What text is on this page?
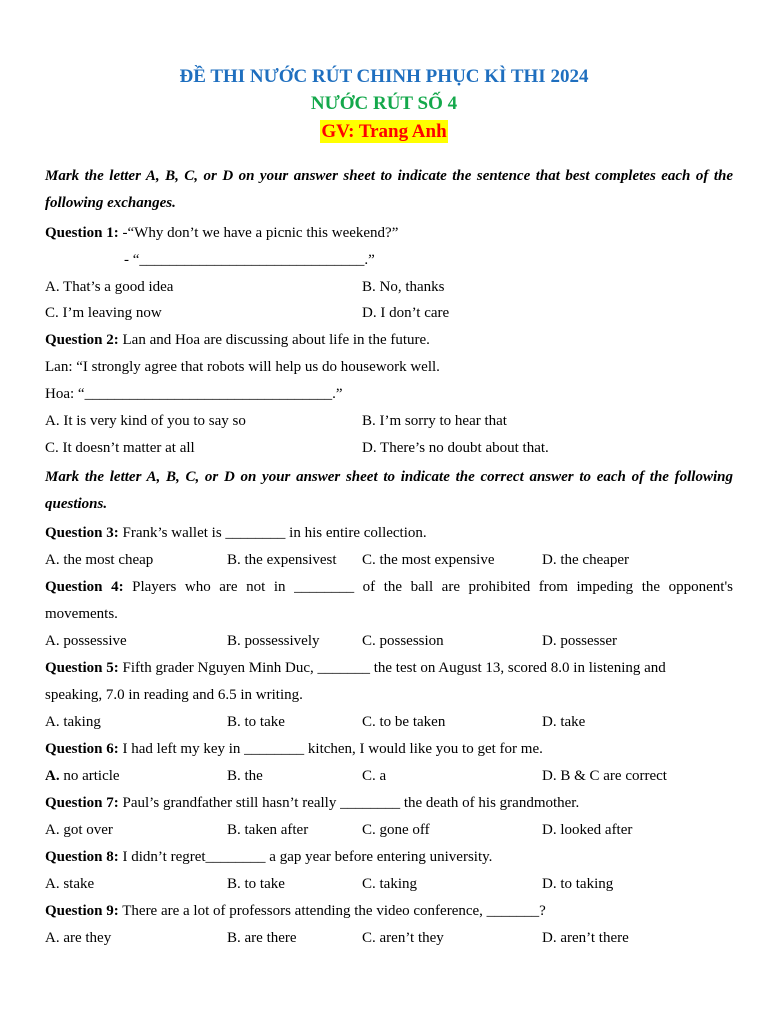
ĐỀ THI NƯỚC RÚT CHINH PHỤC KÌ THI 2024
NƯỚC RÚT SỐ 4
GV: Trang Anh
Mark the letter A, B, C, or D on your answer sheet to indicate the sentence that best completes each of the
following exchanges.
Question 1: -“Why don’t we have a picnic this weekend?”
- “______________________________.”
A. That’s a good idea	B. No, thanks
C. I’m leaving now	D. I don’t care
Question 2: Lan and Hoa are discussing about life in the future.
Lan: “I strongly agree that robots will help us do housework well.
Hoa: “_________________________________.”
A. It is very kind of you to say so	B. I’m sorry to hear that
C. It doesn’t matter at all	D. There’s no doubt about that.
Mark the letter A, B, C, or D on your answer sheet to indicate the correct answer to each of the following
questions.
Question 3: Frank’s wallet is ________ in his entire collection.
A. the most cheap	B. the expensivest C. the most expensive	D. the cheaper
Question 4: Players who are not in ________ of the ball are prohibited from impeding the opponent's
movements.
A. possessive	B. possessively	C. possession	D. possesser
Question 5: Fifth grader Nguyen Minh Duc, _______ the test on August 13, scored 8.0 in listening and
speaking, 7.0 in reading and 6.5 in writing.
A. taking	B. to take	C. to be taken	D. take
Question 6: I had left my key in ________ kitchen, I would like you to get for me.
A. no article	B. the	C. a	D. B & C are correct
Question 7: Paul’s grandfather still hasn’t really ________ the death of his grandmother.
A. got over	B. taken after	C. gone off	D. looked after
Question 8: I didn’t regret________ a gap year before entering university.
A. stake	B. to take	C. taking	D. to taking
Question 9: There are a lot of professors attending the video conference, _______?
A. are they	B. are there	C. aren’t they	D. aren’t there
